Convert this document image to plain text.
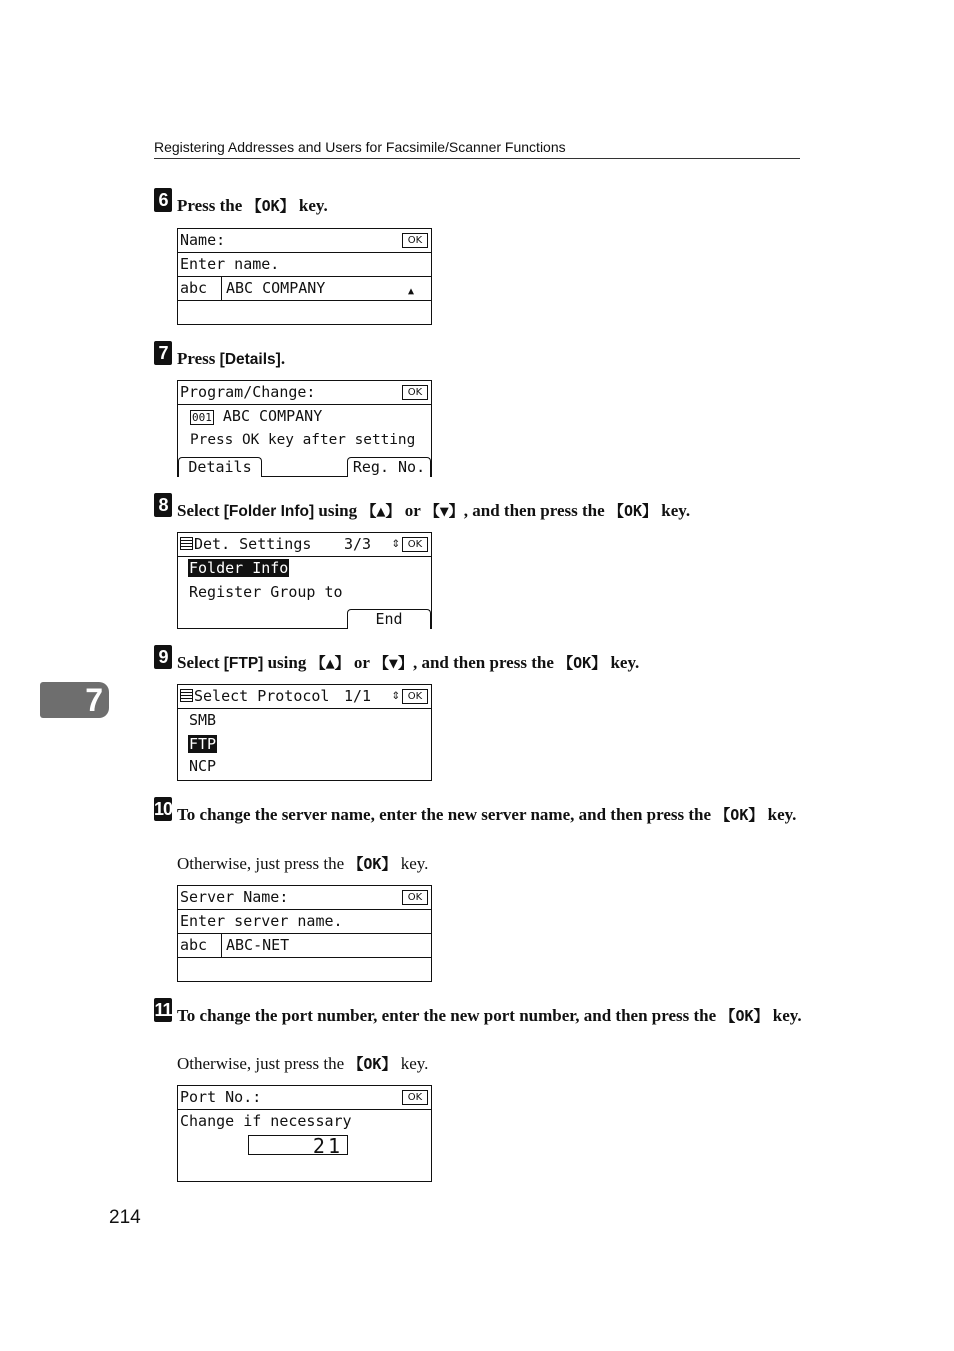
Registering Addresses and Users for Facsimile/Scanner Functions
7
6 Press the 【OK】 key.
Name:	OK
Enter name.
abc ABC COMPANY	▲
7 Press [Details].
Program/Change:	OK
001 ABC COMPANY
Press OK key after setting
Details	Reg. No.
8 Select [Folder Info] using 【▲】 or 【▼】, and then press the 【OK】 key.
Det. Settings 3/3 ⇕ OK
Folder Info
Register Group to
End
9 Select [FTP] using 【▲】 or 【▼】, and then press the 【OK】 key.
Select Protocol 1/1 ⇕ OK
SMB
FTP
NCP
10 To change the server name, enter the new server name, and then press the 【OK】 key.
Otherwise, just press the 【OK】 key.
Server Name:	OK
Enter server name.
abc ABC-NET
11 To change the port number, enter the new port number, and then press the 【OK】 key.
Otherwise, just press the 【OK】 key.
Port No.:	OK
Change if necessary
21
214
